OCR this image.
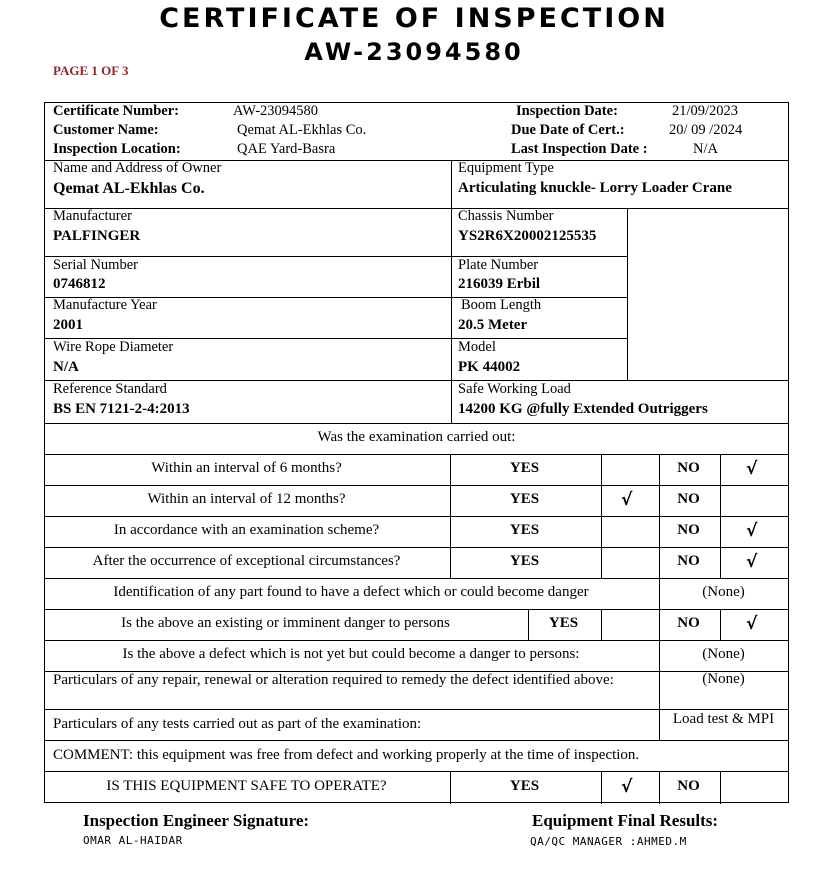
CERTIFICATE OF INSPECTION
AW-23094580
PAGE 1 OF 3
Certificate Number:	AW-23094580
Customer Name:	Qemat AL-Ekhlas Co.
Inspection Location:	QAE Yard-Basra
Inspection Date:	21/09/2023
Due Date of Cert.:	20/ 09 /2024
Last Inspection Date :	N/A
Name and Address of Owner
Qemat AL-Ekhlas Co.
Equipment Type
Articulating knuckle- Lorry Loader Crane
Manufacturer
PALFINGER
Chassis Number
YS2R6X20002125535
Serial Number
0746812
Plate Number
216039 Erbil
Manufacture Year
2001
Boom Length
20.5 Meter
Wire Rope Diameter
N/A
Model
PK 44002
Reference Standard
BS EN 7121-2-4:2013
Safe Working Load
14200 KG @fully Extended Outriggers
Was the examination carried out:
Within an interval of 6 months?	YES	NO	√
Within an interval of 12 months?	YES	√	NO
In accordance with an examination scheme?	YES	NO	√
After the occurrence of exceptional circumstances?	YES	NO	√
Identification of any part found to have a defect which or could become danger	(None)
Is the above an existing or imminent danger to persons	YES	NO	√
Is the above a defect which is not yet but could become a danger to persons:	(None)
Particulars of any repair, renewal or alteration required to remedy the defect identified above:	(None)
Particulars of any tests carried out as part of the examination:	Load test & MPI
COMMENT: this equipment was free from defect and working properly at the time of inspection.
IS THIS EQUIPMENT SAFE TO OPERATE?	YES	√	NO
Inspection Engineer Signature:
OMAR AL-HAIDAR
Equipment Final Results:
QA/QC MANAGER :AHMED.M
